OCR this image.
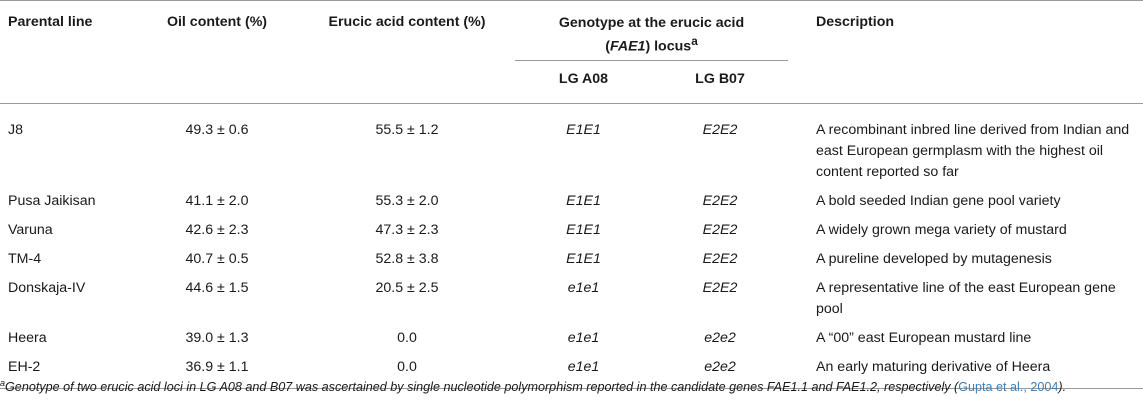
Parental line	Oil content (%)	Erucic acid content (%)	Genotype at the erucic acid
(FAE1) locus$^a$			Description
			LG A08	LG B07		
J8	49.3 ± 0.6	55.5 ± 1.2	E1E1	E2E2		A recombinant inbred line derived from Indian and east European germplasm with the highest oil content reported so far
Pusa Jaikisan	41.1 ± 2.0	55.3 ± 2.0	E1E1	E2E2		A bold seeded Indian gene pool variety
Varuna	42.6 ± 2.3	47.3 ± 2.3	E1E1	E2E2		A widely grown mega variety of mustard
TM-4	40.7 ± 0.5	52.8 ± 3.8	E1E1	E2E2		A pureline developed by mutagenesis
Donskaja-IV	44.6 ± 1.5	20.5 ± 2.5	e1e1	E2E2		A representative line of the east European gene pool
Heera	39.0 ± 1.3	0.0	e1e1	e2e2		A “00” east European mustard line
EH-2	36.9 ± 1.1	0.0	e1e1	e2e2		An early maturing derivative of Heera
$^a$Genotype of two erucic acid loci in LG A08 and B07 was ascertained by single nucleotide polymorphism reported in the candidate genes FAE1.1 and FAE1.2, respectively (Gupta et al., 2004).
